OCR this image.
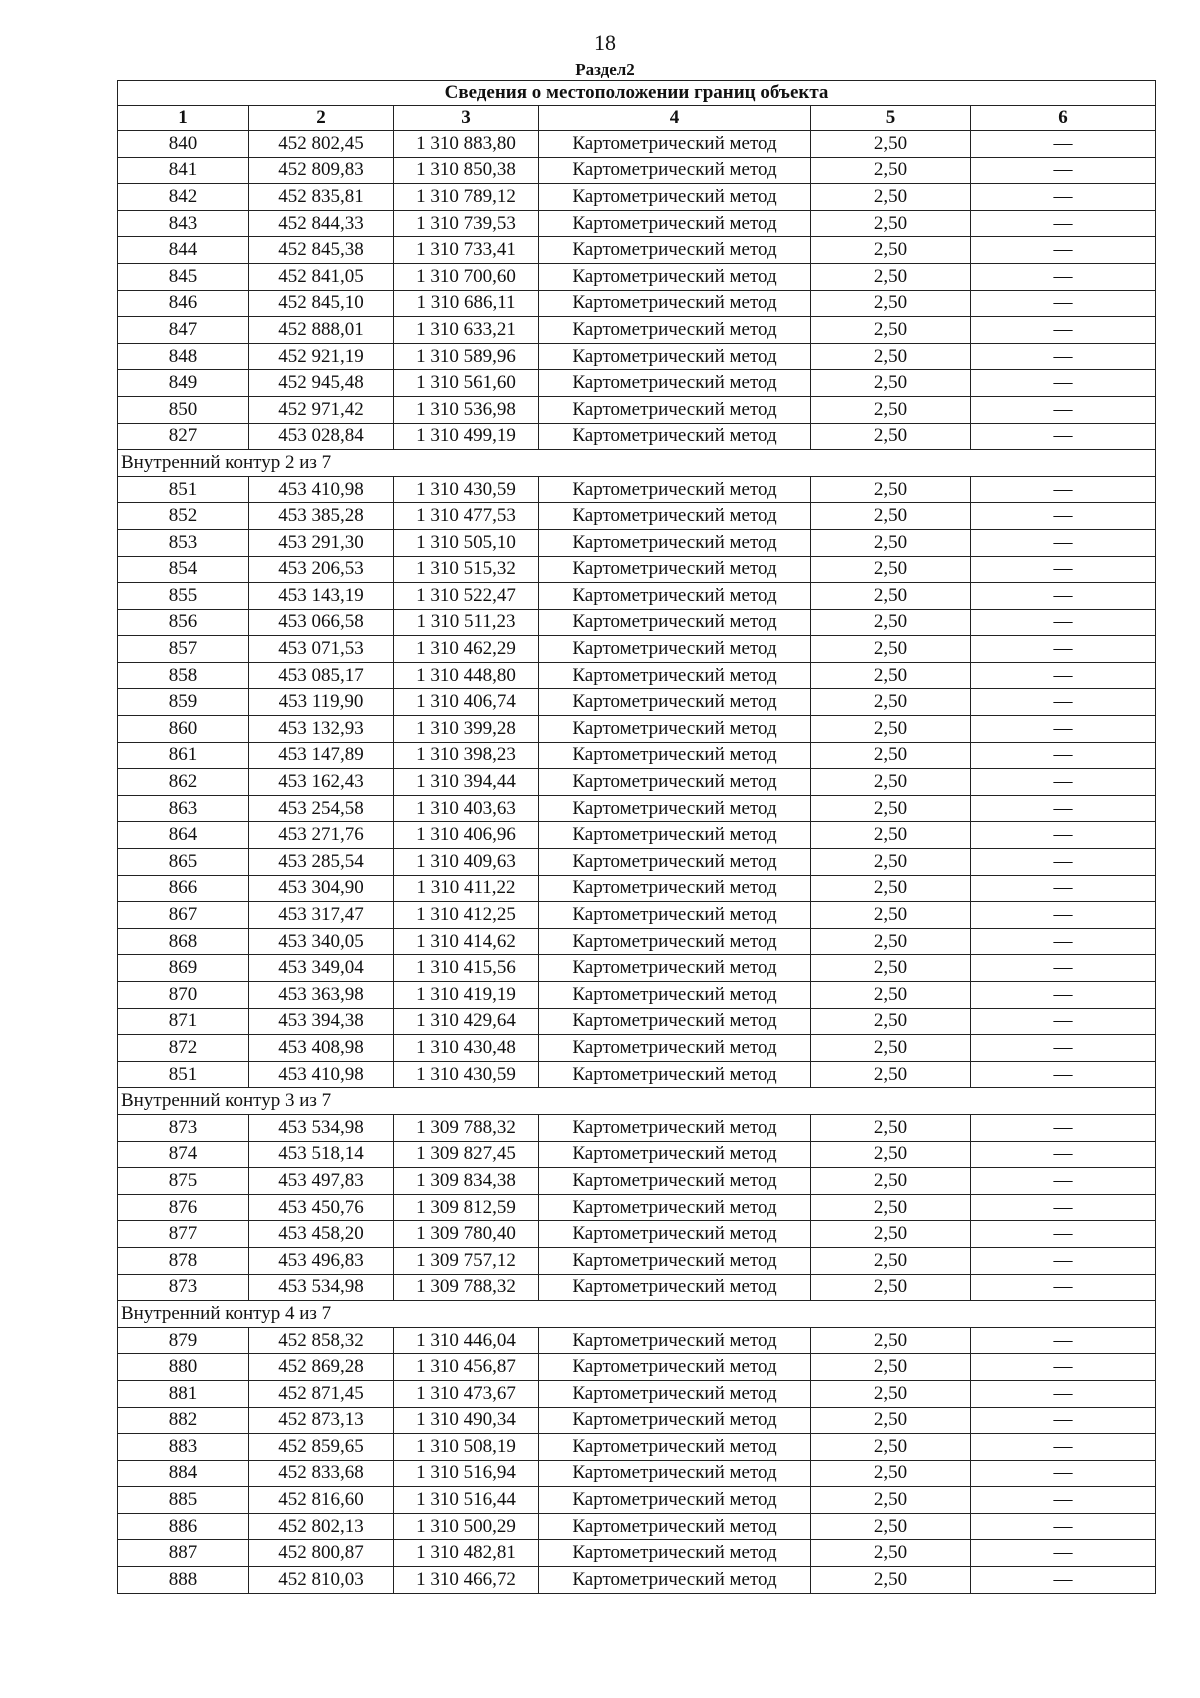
18
Раздел2
Сведения о местоположении границ объекта					
1	2	3	4	5	6
840	452 802,45	1 310 883,80	Картометрический метод	2,50	—
841	452 809,83	1 310 850,38	Картометрический метод	2,50	—
842	452 835,81	1 310 789,12	Картометрический метод	2,50	—
843	452 844,33	1 310 739,53	Картометрический метод	2,50	—
844	452 845,38	1 310 733,41	Картометрический метод	2,50	—
845	452 841,05	1 310 700,60	Картометрический метод	2,50	—
846	452 845,10	1 310 686,11	Картометрический метод	2,50	—
847	452 888,01	1 310 633,21	Картометрический метод	2,50	—
848	452 921,19	1 310 589,96	Картометрический метод	2,50	—
849	452 945,48	1 310 561,60	Картометрический метод	2,50	—
850	452 971,42	1 310 536,98	Картометрический метод	2,50	—
827	453 028,84	1 310 499,19	Картометрический метод	2,50	—
Внутренний контур 2 из 7					
851	453 410,98	1 310 430,59	Картометрический метод	2,50	—
852	453 385,28	1 310 477,53	Картометрический метод	2,50	—
853	453 291,30	1 310 505,10	Картометрический метод	2,50	—
854	453 206,53	1 310 515,32	Картометрический метод	2,50	—
855	453 143,19	1 310 522,47	Картометрический метод	2,50	—
856	453 066,58	1 310 511,23	Картометрический метод	2,50	—
857	453 071,53	1 310 462,29	Картометрический метод	2,50	—
858	453 085,17	1 310 448,80	Картометрический метод	2,50	—
859	453 119,90	1 310 406,74	Картометрический метод	2,50	—
860	453 132,93	1 310 399,28	Картометрический метод	2,50	—
861	453 147,89	1 310 398,23	Картометрический метод	2,50	—
862	453 162,43	1 310 394,44	Картометрический метод	2,50	—
863	453 254,58	1 310 403,63	Картометрический метод	2,50	—
864	453 271,76	1 310 406,96	Картометрический метод	2,50	—
865	453 285,54	1 310 409,63	Картометрический метод	2,50	—
866	453 304,90	1 310 411,22	Картометрический метод	2,50	—
867	453 317,47	1 310 412,25	Картометрический метод	2,50	—
868	453 340,05	1 310 414,62	Картометрический метод	2,50	—
869	453 349,04	1 310 415,56	Картометрический метод	2,50	—
870	453 363,98	1 310 419,19	Картометрический метод	2,50	—
871	453 394,38	1 310 429,64	Картометрический метод	2,50	—
872	453 408,98	1 310 430,48	Картометрический метод	2,50	—
851	453 410,98	1 310 430,59	Картометрический метод	2,50	—
Внутренний контур 3 из 7					
873	453 534,98	1 309 788,32	Картометрический метод	2,50	—
874	453 518,14	1 309 827,45	Картометрический метод	2,50	—
875	453 497,83	1 309 834,38	Картометрический метод	2,50	—
876	453 450,76	1 309 812,59	Картометрический метод	2,50	—
877	453 458,20	1 309 780,40	Картометрический метод	2,50	—
878	453 496,83	1 309 757,12	Картометрический метод	2,50	—
873	453 534,98	1 309 788,32	Картометрический метод	2,50	—
Внутренний контур 4 из 7					
879	452 858,32	1 310 446,04	Картометрический метод	2,50	—
880	452 869,28	1 310 456,87	Картометрический метод	2,50	—
881	452 871,45	1 310 473,67	Картометрический метод	2,50	—
882	452 873,13	1 310 490,34	Картометрический метод	2,50	—
883	452 859,65	1 310 508,19	Картометрический метод	2,50	—
884	452 833,68	1 310 516,94	Картометрический метод	2,50	—
885	452 816,60	1 310 516,44	Картометрический метод	2,50	—
886	452 802,13	1 310 500,29	Картометрический метод	2,50	—
887	452 800,87	1 310 482,81	Картометрический метод	2,50	—
888	452 810,03	1 310 466,72	Картометрический метод	2,50	—
